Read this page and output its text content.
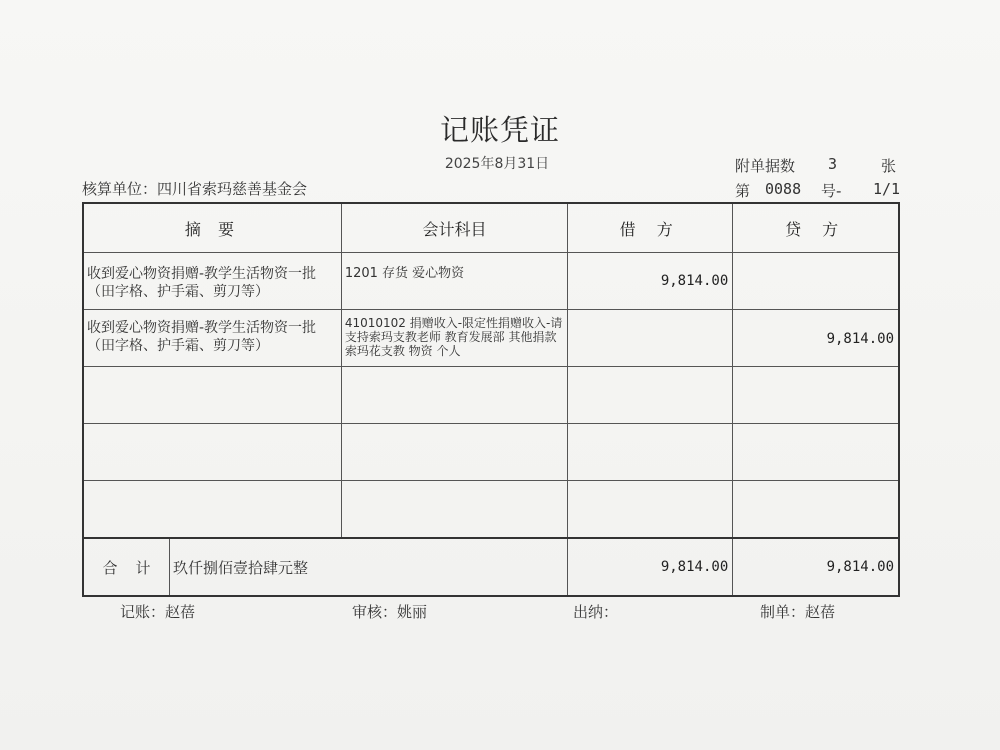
记账凭证
2025年8月31日
核算单位：四川省索玛慈善基金会
附单据数 3	张
第 0088 号- 1/1
摘 要	会计科目	借 方	贷 方

收到爱心物资捐赠-教学生活物资一批（田字格、护手霜、剪刀等）	1201 存货 爱心物资	9,814.00	

收到爱心物资捐赠-教学生活物资一批（田字格、护手霜、剪刀等）	41010102 捐赠收入-限定性捐赠收入-请支持索玛支教老师 教育发展部 其他捐款 索玛花支教 物资 个人		9,814.00

合计 玖仟捌佰壹拾肆元整		9,814.00	9,814.00
记账：赵蓓	审核：姚丽	出纳：	制单：赵蓓
